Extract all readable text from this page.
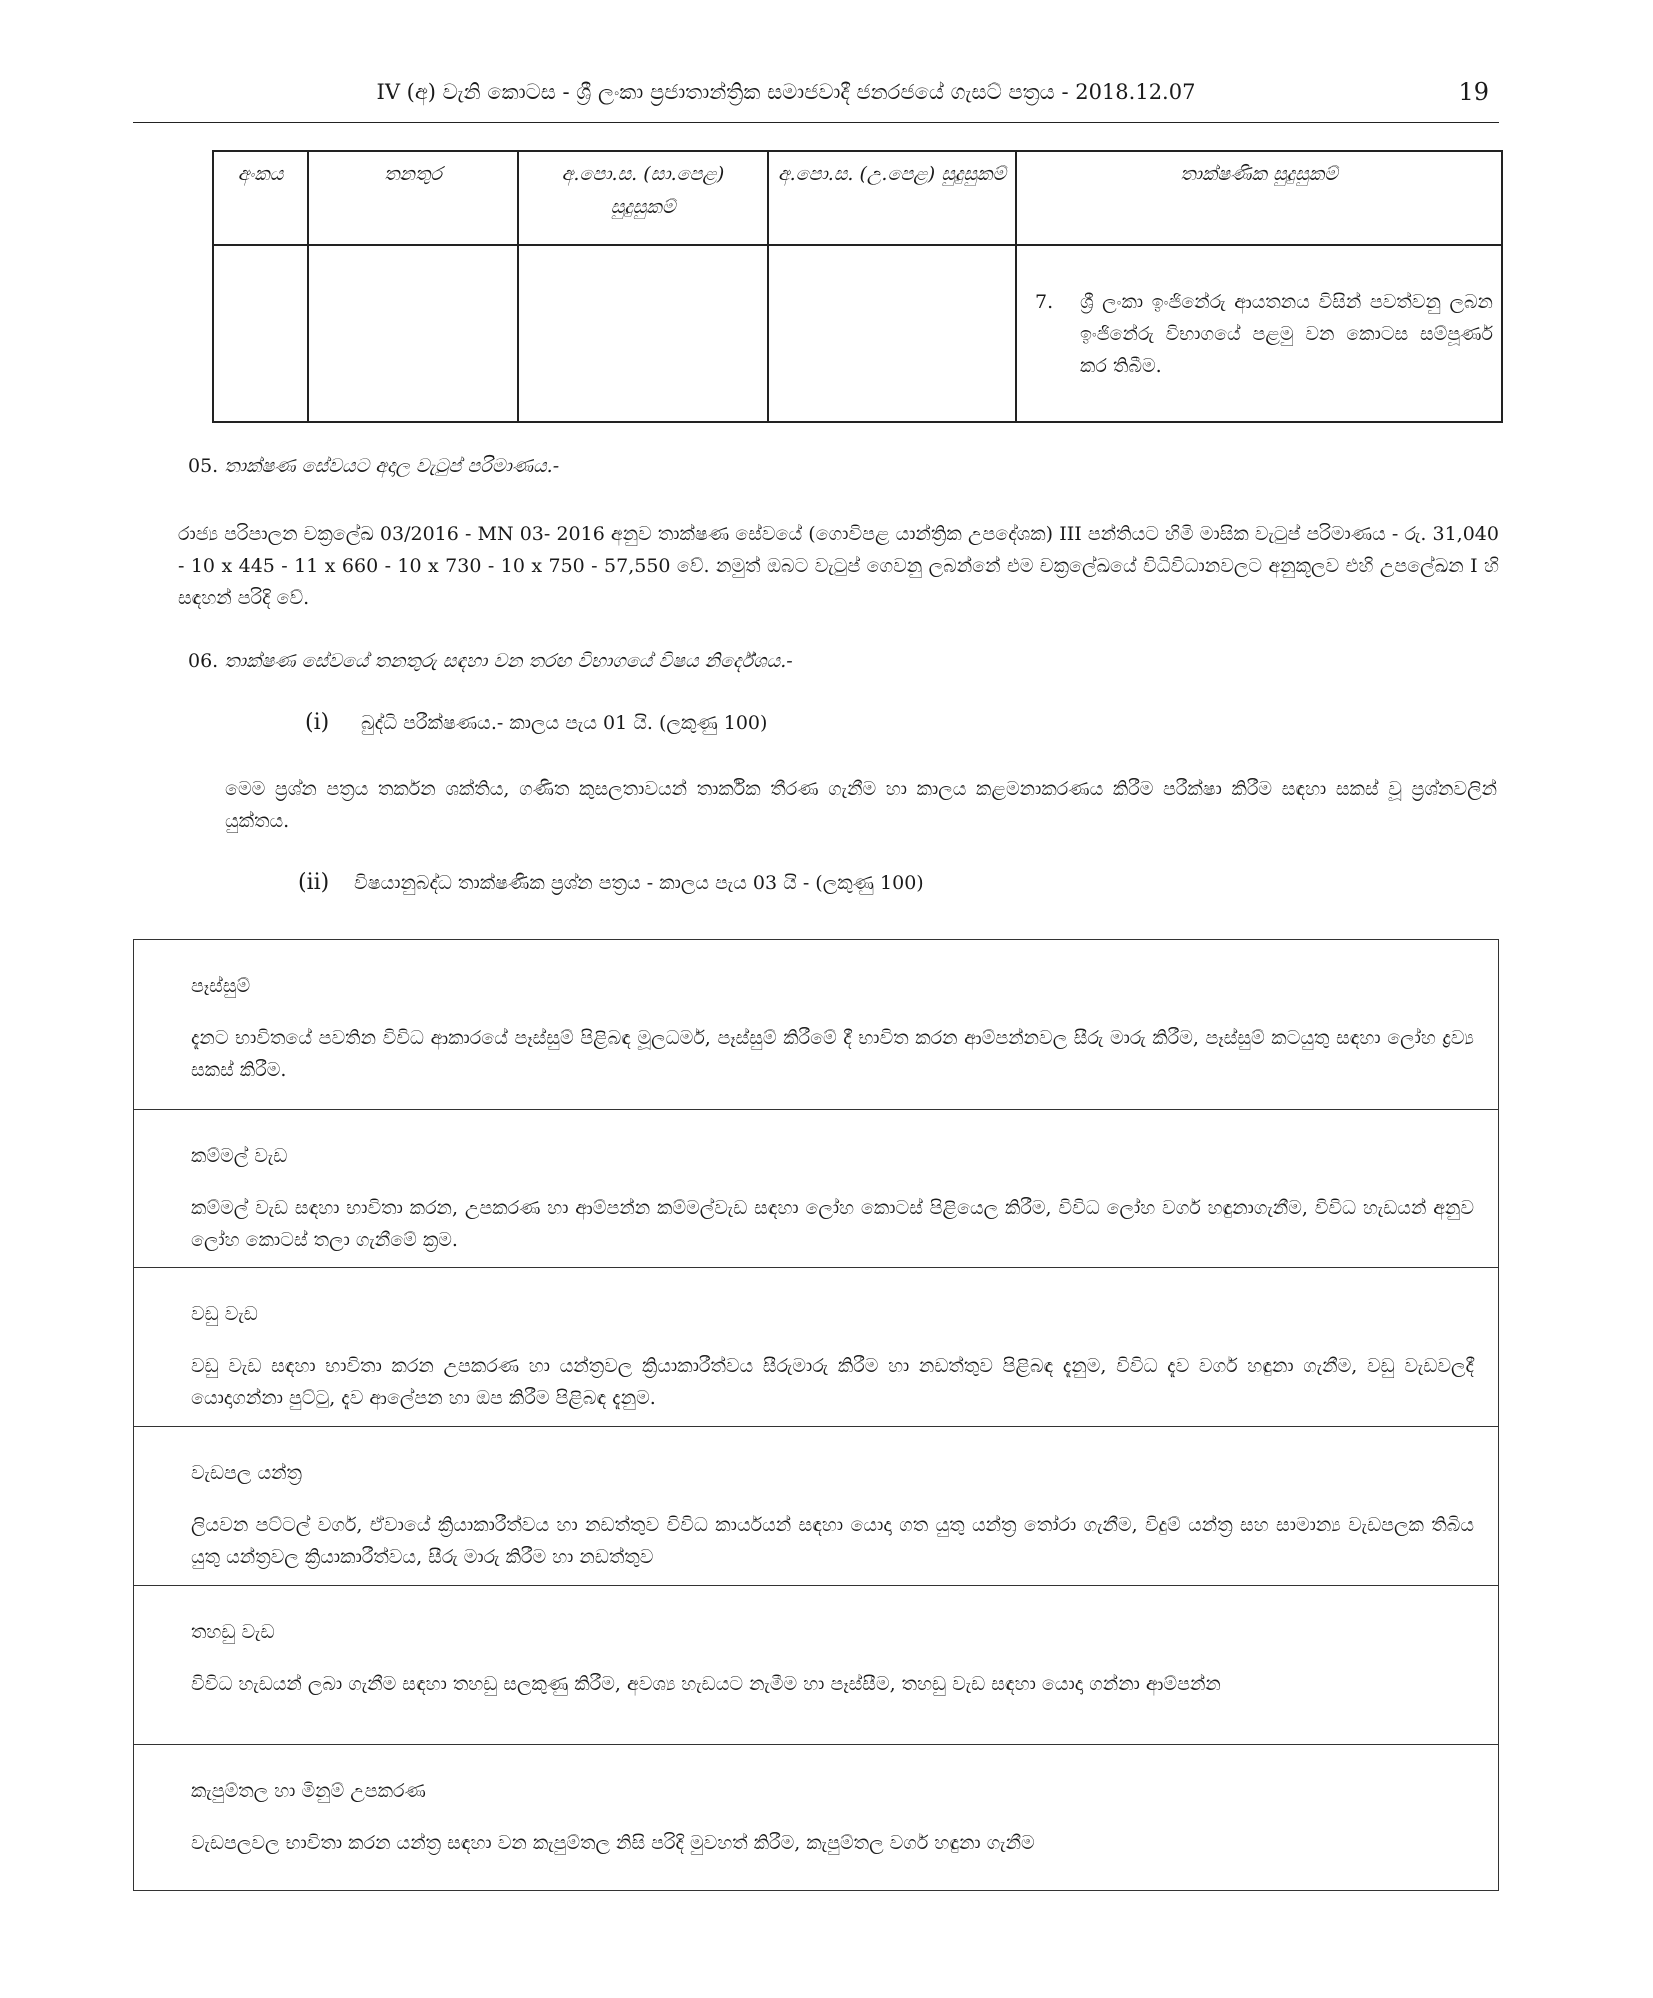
IV (අ) වැනි කොටස - ශ්‍රී ලංකා ප්‍රජාතාන්ත්‍රික සමාජවාදී ජනරජයේ ගැසට් පත්‍රය - 2018.12.07	19
අංකය	තනතුර	අ.පො.ස. (සා.පෙළ) සුදුසුකම්	අ.පො.ස. (උ.පෙළ) සුදුසුකම්	තාක්ෂණික සුදුසුකම්

				7. ශ්‍රී ලංකා ඉංජිනේරු ආයතනය විසින් පවත්වනු ලබන ඉංජිනේරු විභාගයේ පළමු වන කොටස සම්පූර්ණ කර තිබීම.
05. තාක්ෂණ සේවයට අදාල වැටුප් පරිමාණය.-
රාජ්‍ය පරිපාලන චක්‍රලේඛ 03/2016 - MN 03- 2016 අනුව තාක්ෂණ සේවයේ (ගොවිපළ යාන්ත්‍රික උපදේශක) III පන්තියට හිමි මාසික වැටුප් පරිමාණය - රු. 31,040 - 10 x 445 - 11 x 660 - 10 x 730 - 10 x 750 - 57,550 වේ. නමුත් ඔබට වැටුප් ගෙවනු ලබන්නේ එම චක්‍රලේඛයේ විධිවිධානවලට අනුකූලව එහි උපලේඛන I හි සඳහන් පරිදි වේ.
06. තාක්ෂණ සේවයේ තනතුරු සඳහා වන තරඟ විභාගයේ විෂය නිර්දේශය.-
(i) බුද්ධි පරීක්ෂණය.- කාලය පැය 01 යි. (ලකුණු 100)
මෙම ප්‍රශ්න පත්‍රය තර්කන ශක්තිය, ගණිත කුසලතාවයන් තාර්කික තීරණ ගැනීම හා කාලය කළමනාකරණය කිරීම පරීක්ෂා කිරීම සඳහා සකස් වූ ප්‍රශ්නවලින් යුක්තය.
(ii) විෂයානුබද්ධ තාක්ෂණික ප්‍රශ්න පත්‍රය - කාලය පැය 03 යි - (ලකුණු 100)
පෑස්සුම්
දැනට භාවිතයේ පවතින විවිධ ආකාරයේ පෑස්සුම් පිළිබඳ මූලධර්ම, පෑස්සුම් කිරීමේ දී භාවිත කරන ආම්පන්නවල සීරු මාරු කිරීම, පෑස්සුම් කටයුතු සඳහා ලෝහ ද්‍රව්‍ය සකස් කිරීම.
කම්මල් වැඩ
කම්මල් වැඩ සඳහා භාවිතා කරන, උපකරණ හා ආම්පන්න කම්මල්වැඩ සඳහා ලෝහ කොටස් පිළියෙල කිරීම, විවිධ ලෝහ වර්ග හඳුනාගැනීම, විවිධ හැඩයන් අනුව ලෝහ කොටස් තලා ගැනීමේ ක්‍රම.
වඩු වැඩ
වඩු වැඩ සඳහා භාවිතා කරන උපකරණ හා යන්ත්‍රවල ක්‍රියාකාරීත්වය සීරුමාරු කිරීම හා නඩත්තුව පිළිබඳ දැනුම, විවිධ දැව වර්ග හඳුනා ගැනීම, වඩු වැඩවලදී යොදාගන්නා පුට්ටු, දැව ආලේපන හා ඔප කිරීම පිළිබඳ දැනුම.
වැඩපල යන්ත්‍ර
ලියවන පට්ටල් වර්ග, ඒවායේ ක්‍රියාකාරීත්වය හා නඩත්තුව විවිධ කාර්යයන් සඳහා යොදා ගත යුතු යන්ත්‍ර තෝරා ගැනීම, විදුම් යන්ත්‍ර සහ සාමාන්‍ය වැඩපලක තිබිය යුතු යන්ත්‍රවල ක්‍රියාකාරීත්වය, සීරු මාරු කිරීම හා නඩත්තුව
තහඩු වැඩ
විවිධ හැඩයන් ලබා ගැනීම සඳහා තහඩු සලකුණු කිරීම, අවශ්‍ය හැඩයට නැමීම හා පෑස්සීම, තහඩු වැඩ සඳහා යොදා ගන්නා ආම්පන්න
කැපුම්තල හා මිනුම් උපකරණ
වැඩපලවල භාවිතා කරන යන්ත්‍ර සඳහා වන කැපුම්තල නිසි පරිදි මුවහත් කිරීම, කැපුම්තල වර්ග හඳුනා ගැනීම
